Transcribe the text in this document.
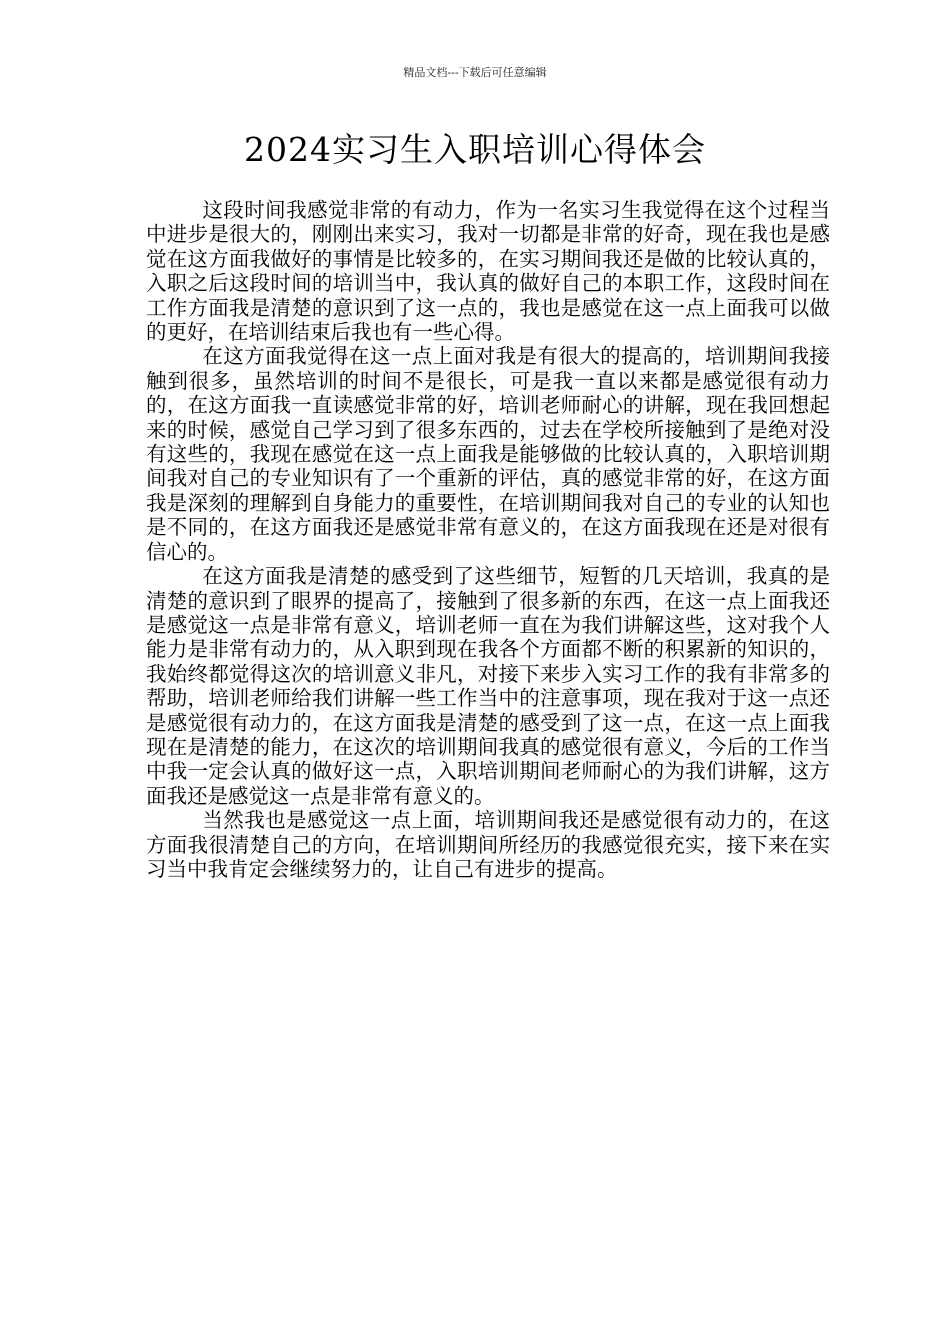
精品文档---下载后可任意编辑
2024实习生入职培训心得体会

这段时间我感觉非常的有动力，作为一名实习生我觉得在这个过程当中进步是很大的，刚刚出来实习，我对一切都是非常的好奇，现在我也是感觉在这方面我做好的事情是比较多的，在实习期间我还是做的比较认真的，入职之后这段时间的培训当中，我认真的做好自己的本职工作，这段时间在工作方面我是清楚的意识到了这一点的，我也是感觉在这一点上面我可以做的更好，在培训结束后我也有一些心得。

在这方面我觉得在这一点上面对我是有很大的提高的，培训期间我接触到很多，虽然培训的时间不是很长，可是我一直以来都是感觉很有动力的，在这方面我一直读感觉非常的好，培训老师耐心的讲解，现在我回想起来的时候，感觉自己学习到了很多东西的，过去在学校所接触到了是绝对没有这些的，我现在感觉在这一点上面我是能够做的比较认真的，入职培训期间我对自己的专业知识有了一个重新的评估，真的感觉非常的好，在这方面我是深刻的理解到自身能力的重要性，在培训期间我对自己的专业的认知也是不同的，在这方面我还是感觉非常有意义的，在这方面我现在还是对很有信心的。

在这方面我是清楚的感受到了这些细节，短暂的几天培训，我真的是清楚的意识到了眼界的提高了，接触到了很多新的东西，在这一点上面我还是感觉这一点是非常有意义，培训老师一直在为我们讲解这些，这对我个人能力是非常有动力的，从入职到现在我各个方面都不断的积累新的知识的，我始终都觉得这次的培训意义非凡，对接下来步入实习工作的我有非常多的帮助，培训老师给我们讲解一些工作当中的注意事项，现在我对于这一点还是感觉很有动力的，在这方面我是清楚的感受到了这一点，在这一点上面我现在是清楚的能力，在这次的培训期间我真的感觉很有意义，今后的工作当中我一定会认真的做好这一点，入职培训期间老师耐心的为我们讲解，这方面我还是感觉这一点是非常有意义的。

当然我也是感觉这一点上面，培训期间我还是感觉很有动力的，在这方面我很清楚自己的方向，在培训期间所经历的我感觉很充实，接下来在实习当中我肯定会继续努力的，让自己有进步的提高。
